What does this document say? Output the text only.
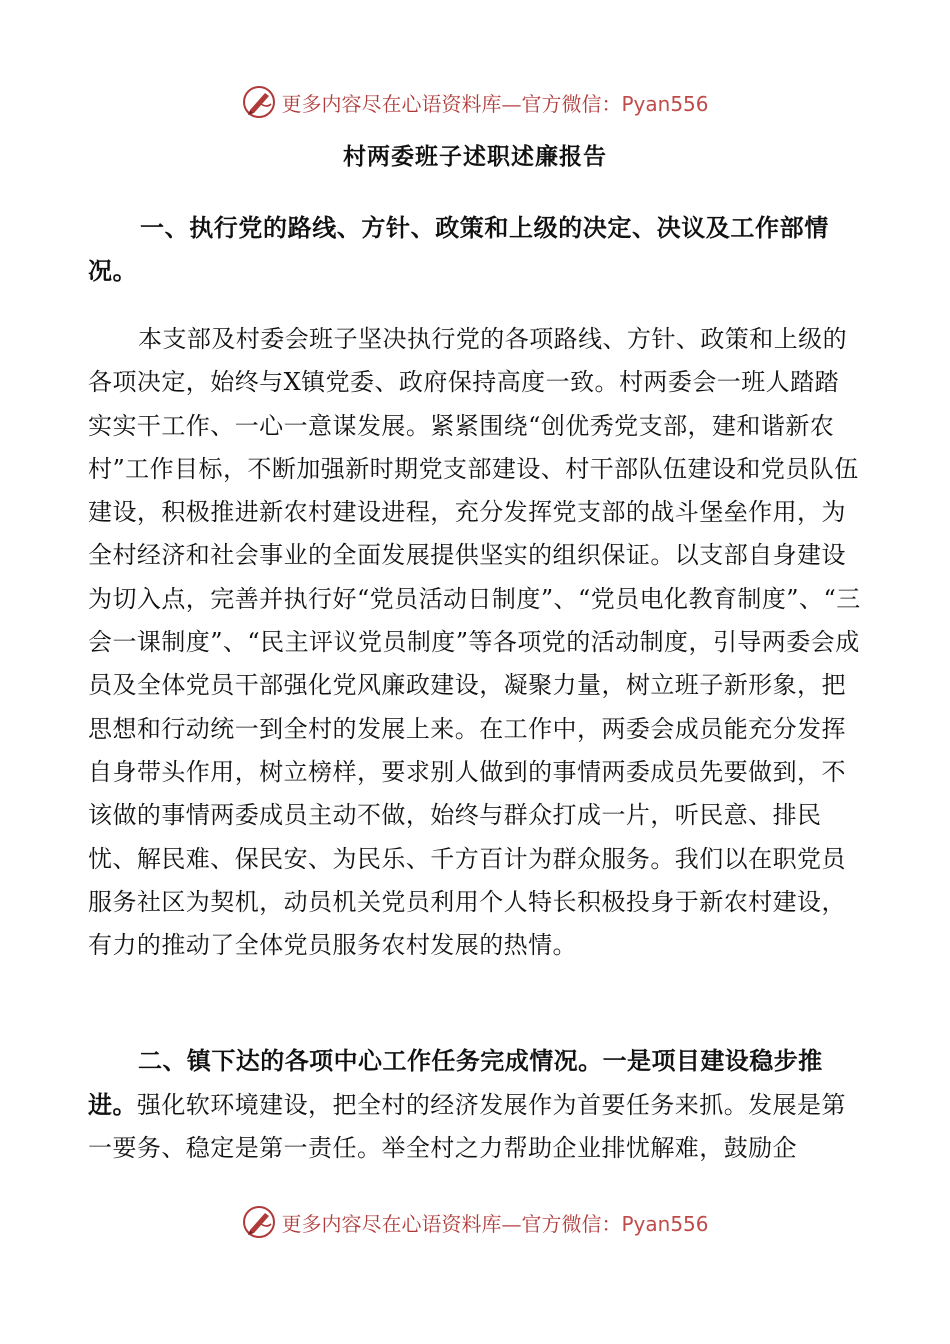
更多内容尽在心语资料库—官方微信：Pyan556
村两委班子述职述廉报告
一、执行党的路线、方针、政策和上级的决定、决议及工作部情况。
本支部及村委会班子坚决执行党的各项路线、方针、政策和上级的各项决定，始终与X镇党委、政府保持高度一致。村两委会一班人踏踏实实干工作、一心一意谋发展。紧紧围绕“创优秀党支部，建和谐新农村”工作目标，不断加强新时期党支部建设、村干部队伍建设和党员队伍建设，积极推进新农村建设进程，充分发挥党支部的战斗堡垒作用，为全村经济和社会事业的全面发展提供坚实的组织保证。以支部自身建设为切入点，完善并执行好“党员活动日制度”、“党员电化教育制度”、“三会一课制度”、“民主评议党员制度”等各项党的活动制度，引导两委会成员及全体党员干部强化党风廉政建设，凝聚力量，树立班子新形象，把思想和行动统一到全村的发展上来。在工作中，两委会成员能充分发挥自身带头作用，树立榜样，要求别人做到的事情两委成员先要做到，不该做的事情两委成员主动不做，始终与群众打成一片，听民意、排民忧、解民难、保民安、为民乐、千方百计为群众服务。我们以在职党员服务社区为契机，动员机关党员利用个人特长积极投身于新农村建设，有力的推动了全体党员服务农村发展的热情。
二、镇下达的各项中心工作任务完成情况。一是项目建设稳步推进。强化软环境建设，把全村的经济发展作为首要任务来抓。发展是第一要务、稳定是第一责任。举全村之力帮助企业排忧解难，鼓励企
更多内容尽在心语资料库—官方微信：Pyan556
